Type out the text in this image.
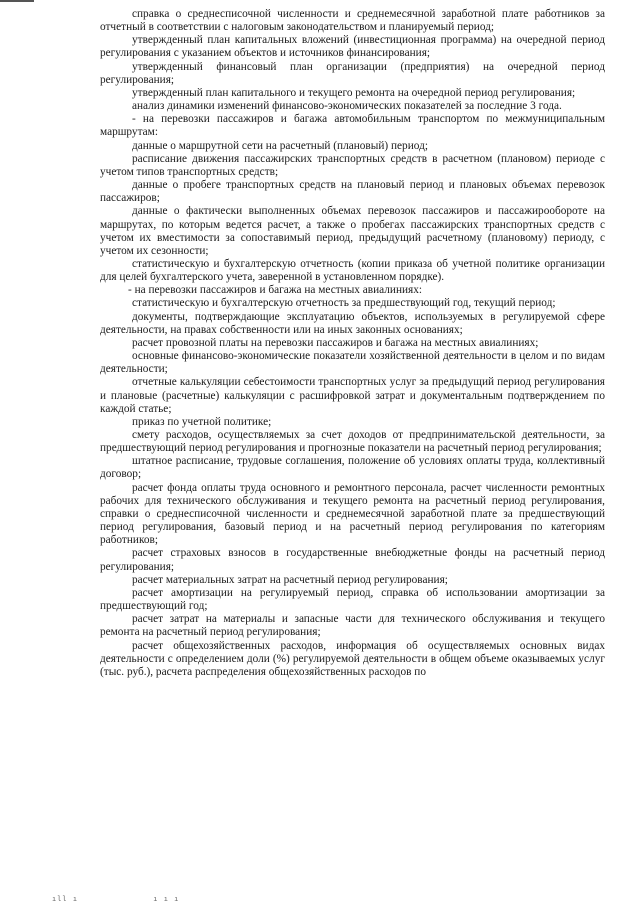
справка о среднесписочной численности и среднемесячной заработной плате работников за отчетный в соответствии с налоговым законодательством и планируемый период;

утвержденный план капитальных вложений (инвестиционная программа) на очередной период регулирования с указанием объектов и источников финансирования;

утвержденный финансовый план организации (предприятия) на очередной период регулирования;

утвержденный план капитального и текущего ремонта на очередной период регулирования;

анализ динамики изменений финансово-экономических показателей за последние 3 года.

- на перевозки пассажиров и багажа автомобильным транспортом по межмуниципальным маршрутам:

данные о маршрутной сети на расчетный (плановый) период;

расписание движения пассажирских транспортных средств в расчетном (плановом) периоде с учетом типов транспортных средств;

данные о пробеге транспортных средств на плановый период и плановых объемах перевозок пассажиров;

данные о фактически выполненных объемах перевозок пассажиров и пассажирообороте на маршрутах, по которым ведется расчет, а также о пробегах пассажирских транспортных средств с учетом их вместимости за сопоставимый период, предыдущий расчетному (плановому) периоду, с учетом их сезонности;

статистическую и бухгалтерскую отчетность (копии приказа об учетной политике организации для целей бухгалтерского учета, заверенной в установленном порядке).

- на перевозки пассажиров и багажа на местных авиалиниях:

статистическую и бухгалтерскую отчетность за предшествующий год, текущий период;

документы, подтверждающие эксплуатацию объектов, используемых в регулируемой сфере деятельности, на правах собственности или на иных законных основаниях;

расчет провозной платы на перевозки пассажиров и багажа на местных авиалиниях;

основные финансово-экономические показатели хозяйственной деятельности в целом и по видам деятельности;

отчетные калькуляции себестоимости транспортных услуг за предыдущий период регулирования и плановые (расчетные) калькуляции с расшифровкой затрат и документальным подтверждением по каждой статье;

приказ по учетной политике;

смету расходов, осуществляемых за счет доходов от предпринимательской деятельности, за предшествующий период регулирования и прогнозные показатели на расчетный период регулирования;

штатное расписание, трудовые соглашения, положение об условиях оплаты труда, коллективный договор;

расчет фонда оплаты труда основного и ремонтного персонала, расчет численности ремонтных рабочих для технического обслуживания и текущего ремонта на расчетный период регулирования, справки о среднесписочной численности и среднемесячной заработной плате за предшествующий период регулирования, базовый период и на расчетный период регулирования по категориям работников;

расчет страховых взносов в государственные внебюджетные фонды на расчетный период регулирования;

расчет материальных затрат на расчетный период регулирования;

расчет амортизации на регулируемый период, справка об использовании амортизации за предшествующий год;

расчет затрат на материалы и запасные части для технического обслуживания и текущего ремонта на расчетный период регулирования;

расчет общехозяйственных расходов, информация об осуществляемых основных видах деятельности с определением доли (%) регулируемой деятельности в общем объеме оказываемых услуг (тыс. руб.), расчета распределения общехозяйственных расходов по

ıll ı	ı ı ı
